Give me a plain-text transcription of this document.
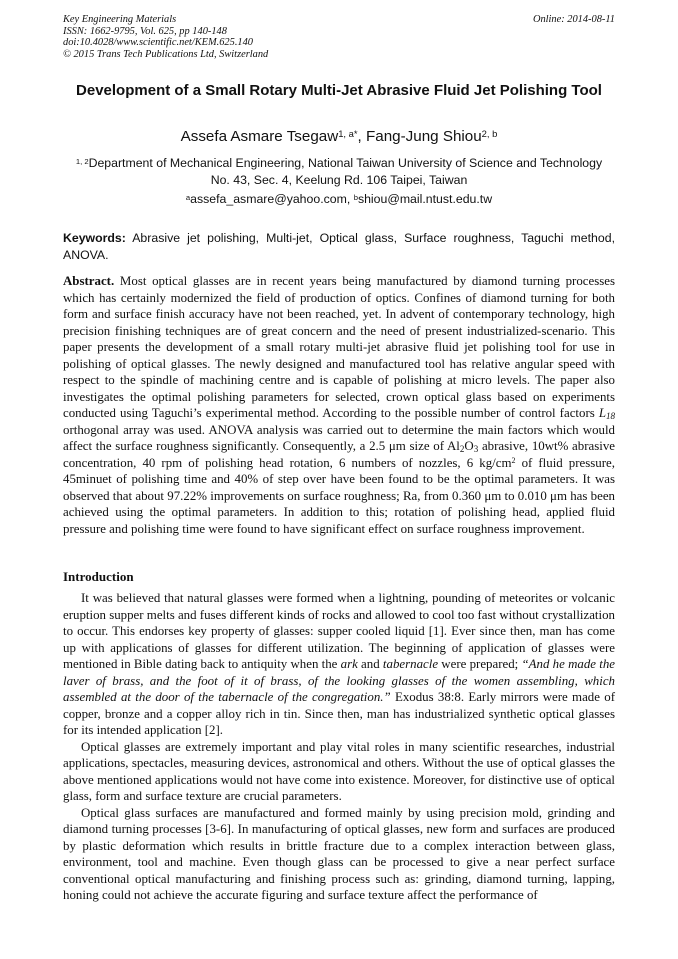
Key Engineering Materials
ISSN: 1662-9795, Vol. 625, pp 140-148
doi:10.4028/www.scientific.net/KEM.625.140
© 2015 Trans Tech Publications Ltd, Switzerland
Online: 2014-08-11
Development of a Small Rotary Multi-Jet Abrasive Fluid Jet Polishing Tool
Assefa Asmare Tsegaw$^{1, a*}$, Fang-Jung Shiou$^{2, b}$
$^{1, 2}$Department of Mechanical Engineering, National Taiwan University of Science and Technology
No. 43, Sec. 4, Keelung Rd. 106 Taipei, Taiwan
$^a$assefa_asmare@yahoo.com, $^b$shiou@mail.ntust.edu.tw
Keywords: Abrasive jet polishing, Multi-jet, Optical glass, Surface roughness, Taguchi method, ANOVA.
Abstract. Most optical glasses are in recent years being manufactured by diamond turning processes which has certainly modernized the field of production of optics. Confines of diamond turning for both form and surface finish accuracy have not been reached, yet. In advent of contemporary technology, high precision finishing techniques are of great concern and the need of present industrialized-scenario. This paper presents the development of a small rotary multi-jet abrasive fluid jet polishing tool for use in polishing of optical glasses. The newly designed and manufactured tool has relative angular speed with respect to the spindle of machining centre and is capable of polishing at micro levels. The paper also investigates the optimal polishing parameters for selected, crown optical glass based on experiments conducted using Taguchi’s experimental method. According to the possible number of control factors $L_{18}$ orthogonal array was used. ANOVA analysis was carried out to determine the main factors which would affect the surface roughness significantly. Consequently, a 2.5 μm size of $Al_2O_3$ abrasive, 10wt% abrasive concentration, 40 rpm of polishing head rotation, 6 numbers of nozzles, 6 $kg/cm^2$ of fluid pressure, 45minuet of polishing time and 40% of step over have been found to be the optimal parameters. It was observed that about 97.22% improvements on surface roughness; Ra, from 0.360 μm to 0.010 μm has been achieved using the optimal parameters. In addition to this; rotation of polishing head, applied fluid pressure and polishing time were found to have significant effect on surface roughness improvement.
Introduction

It was believed that natural glasses were formed when a lightning, pounding of meteorites or volcanic eruption supper melts and fuses different kinds of rocks and allowed to cool too fast without crystallization to occur. This endorses key property of glasses: supper cooled liquid [1]. Ever since then, man has come up with applications of glasses for different utilization. The beginning of application of glasses were mentioned in Bible dating back to antiquity when the ark and tabernacle were prepared; “And he made the laver of brass, and the foot of it of brass, of the looking glasses of the women assembling, which assembled at the door of the tabernacle of the congregation.” Exodus 38:8. Early mirrors were made of copper, bronze and a copper alloy rich in tin. Since then, man has industrialized synthetic optical glasses for its intended application [2].

Optical glasses are extremely important and play vital roles in many scientific researches, industrial applications, spectacles, measuring devices, astronomical and others. Without the use of optical glasses the above mentioned applications would not have come into existence. Moreover, for distinctive use of optical glass, form and surface texture are crucial parameters.

Optical glass surfaces are manufactured and formed mainly by using precision mold, grinding and diamond turning processes [3-6]. In manufacturing of optical glasses, new form and surfaces are produced by plastic deformation which results in brittle fracture due to a complex interaction between glass, environment, tool and machine. Even though glass can be processed to give a near perfect surface conventional optical manufacturing and finishing process such as: grinding, diamond turning, lapping, honing could not achieve the accurate figuring and surface texture affect the performance of
